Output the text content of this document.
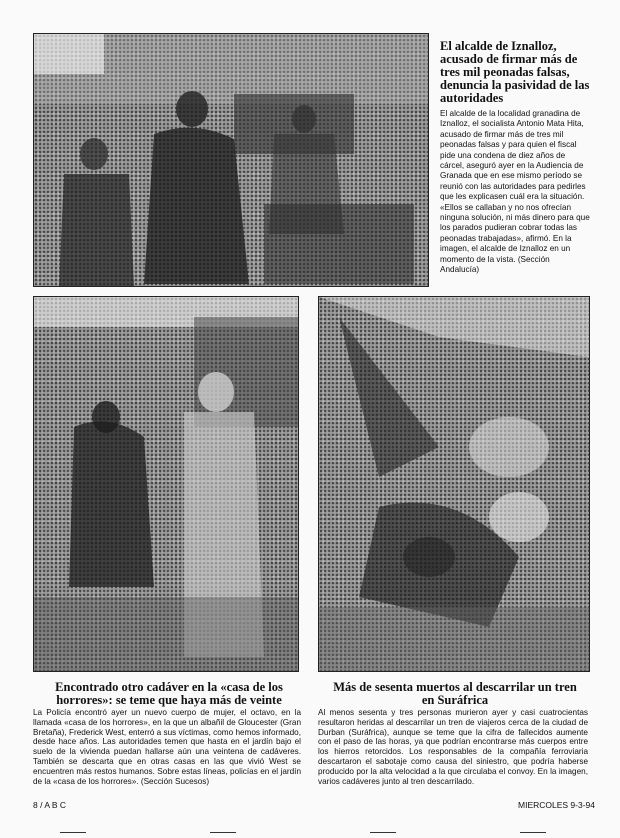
El alcalde de Iznalloz, acusado de firmar más de tres mil peonadas falsas, denuncia la pasividad de las autoridades

El alcalde de la localidad granadina de Iznalloz, el socialista Antonio Mata Hita, acusado de firmar más de tres mil peonadas falsas y para quien el fiscal pide una condena de diez años de cárcel, aseguró ayer en la Audiencia de Granada que en ese mismo período se reunió con las autoridades para pedirles que les explicasen cuál era la situación. «Ellos se callaban y no nos ofrecían ninguna solución, ni más dinero para que los parados pudieran cobrar todas las peonadas trabajadas», afirmó. En la imagen, el alcalde de Iznalloz en un momento de la vista. (Sección Andalucía)

Encontrado otro cadáver en la «casa de los horrores»: se teme que haya más de veinte

Más de sesenta muertos al descarrilar un tren en Suráfrica

La Policía encontró ayer un nuevo cuerpo de mujer, el octavo, en la llamada «casa de los horrores», en la que un albañil de Gloucester (Gran Bretaña), Frederick West, enterró a sus víctimas, como hemos informado, desde hace años. Las autoridades temen que hasta en el jardín bajo el suelo de la vivienda puedan hallarse aún una veintena de cadáveres. También se descarta que en otras casas en las que vivió West se encuentren más restos humanos. Sobre estas líneas, policías en el jardín de la «casa de los horrores». (Sección Sucesos)

Al menos sesenta y tres personas murieron ayer y casi cuatrocientas resultaron heridas al descarrilar un tren de viajeros cerca de la ciudad de Durban (Suráfrica), aunque se teme que la cifra de fallecidos aumente con el paso de las horas, ya que podrían encontrarse más cuerpos entre los hierros retorcidos. Los responsables de la compañía ferroviaria descartaron el sabotaje como causa del siniestro, que podría haberse producido por la alta velocidad a la que circulaba el convoy. En la imagen, varios cadáveres junto al tren descarrilado.

8 / A B C	MIERCOLES 9-3-94
